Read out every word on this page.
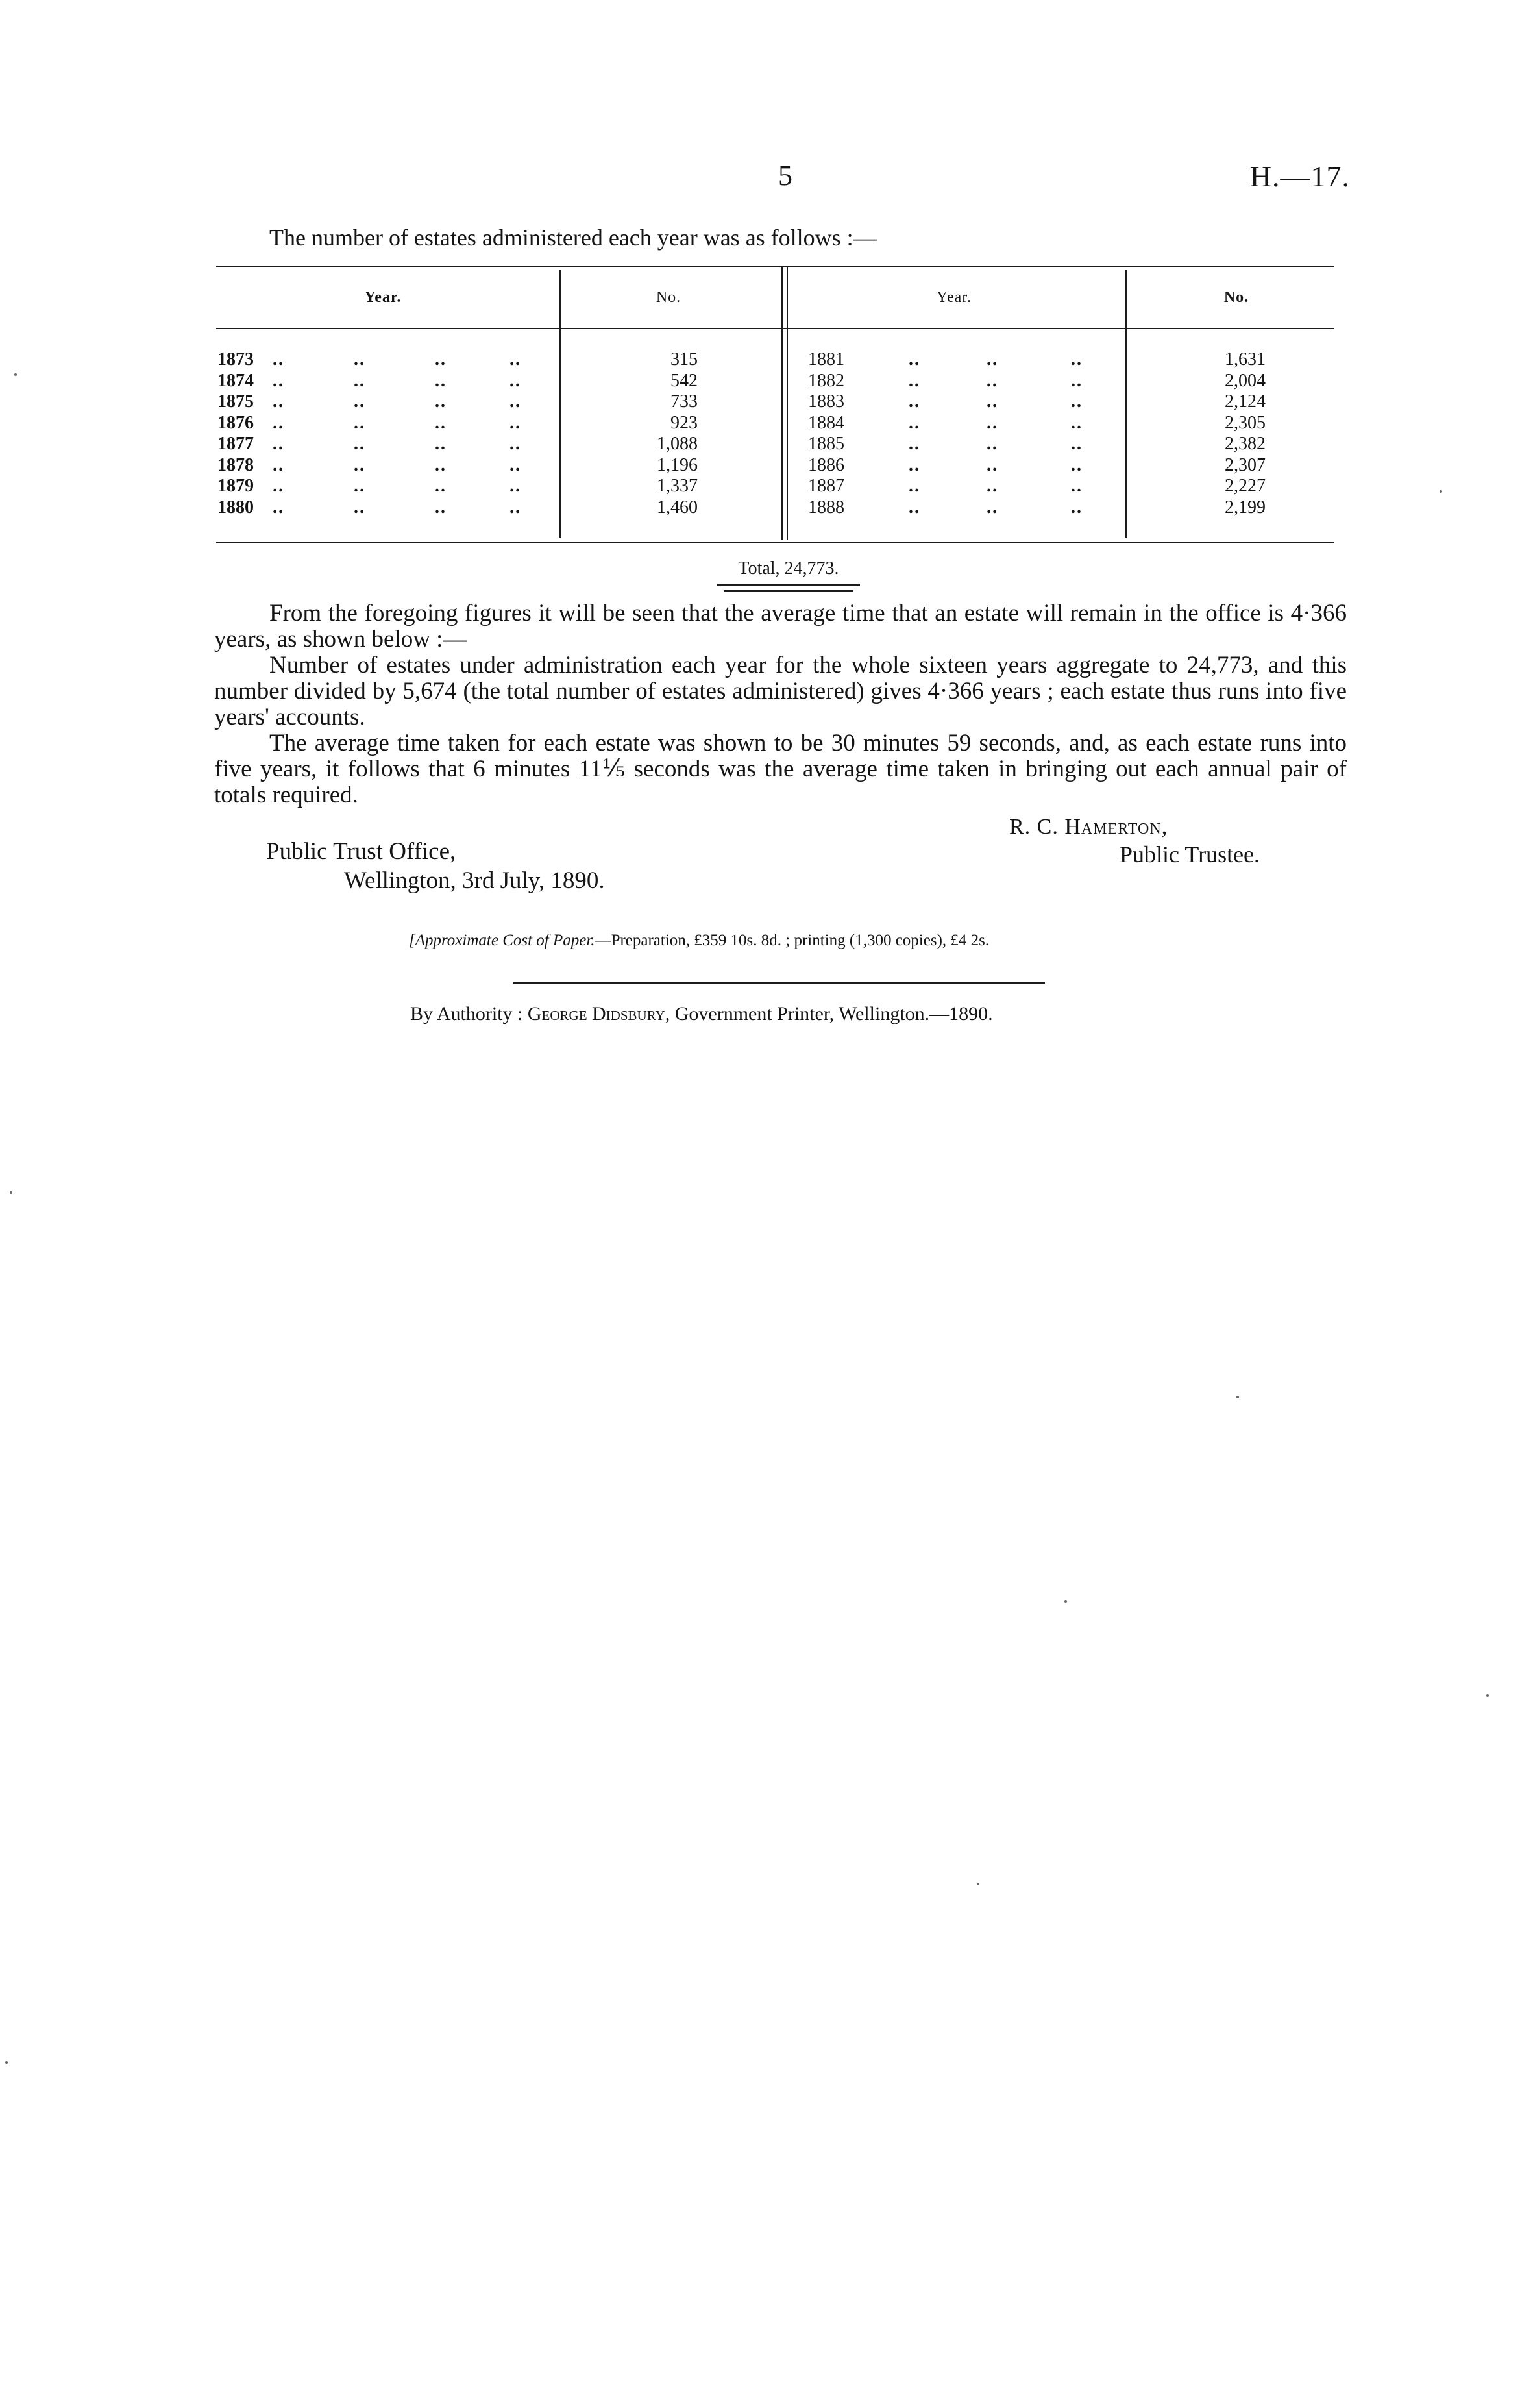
5	H.—17.
The number of estates administered each year was as follows :—
Year.	No.	Year.	No.
1873	..	..	..	..	315	1881	..	..	..	1,631
1874	..	..	..	..	542	1882	..	..	..	2,004
1875	..	..	..	..	733	1883	..	..	..	2,124
1876	..	..	..	..	923	1884	..	..	..	2,305
1877	..	..	..	..	1,088	1885	..	..	..	2,382
1878	..	..	..	..	1,196	1886	..	..	..	2,307
1879	..	..	..	..	1,337	1887	..	..	..	2,227
1880	..	..	..	..	1,460	1888	..	..	..	2,199
Total, 24,773.
From the foregoing figures it will be seen that the average time that an estate will remain in the office is 4·366 years, as shown below :—
Number of estates under administration each year for the whole sixteen years aggregate to 24,773, and this number divided by 5,674 (the total number of estates administered) gives 4·366 years ; each estate thus runs into five years' accounts.
The average time taken for each estate was shown to be 30 minutes 59 seconds, and, as each estate runs into five years, it follows that 6 minutes 11⅕ seconds was the average time taken in bringing out each annual pair of totals required.
R. C. Hamerton,
Public Trustee.
Public Trust Office,
Wellington, 3rd July, 1890.
[Approximate Cost of Paper.—Preparation, £359 10s. 8d. ; printing (1,300 copies), £4 2s.
By Authority : George Didsbury, Government Printer, Wellington.—1890.
